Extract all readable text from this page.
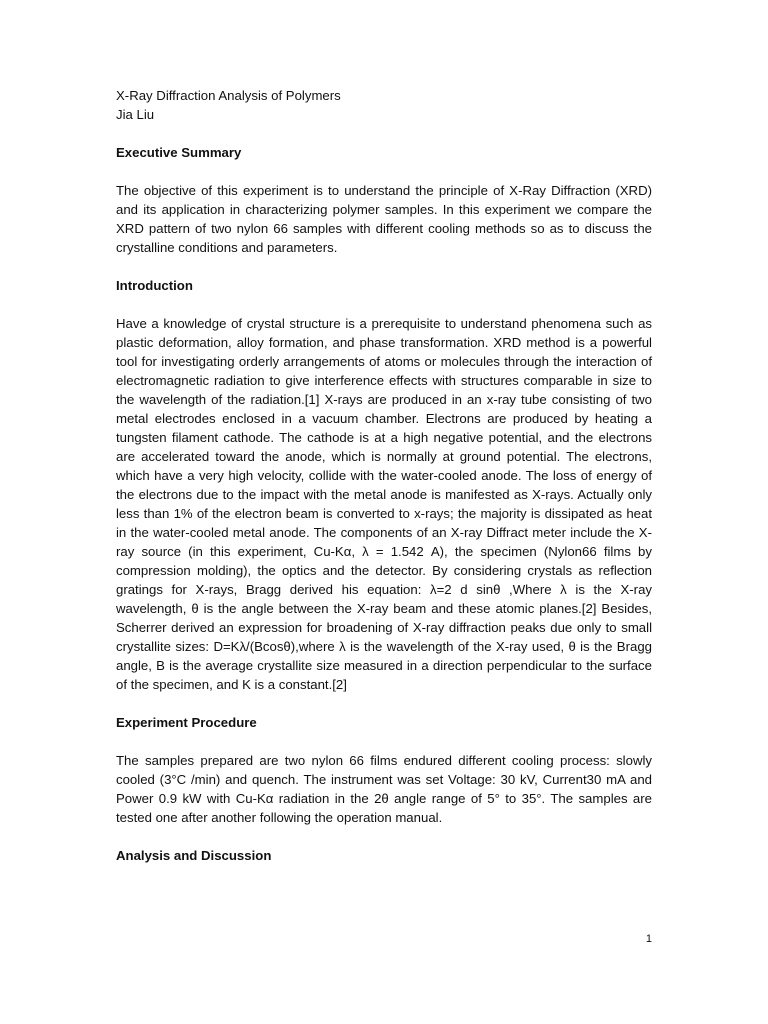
X-Ray Diffraction Analysis of Polymers
Jia Liu
Executive Summary

The objective of this experiment is to understand the principle of X-Ray Diffraction (XRD) and its application in characterizing polymer samples. In this experiment we compare the XRD pattern of two nylon 66 samples with different cooling methods so as to discuss the crystalline conditions and parameters.

Introduction

Have a knowledge of crystal structure is a prerequisite to understand phenomena such as plastic deformation, alloy formation, and phase transformation. XRD method is a powerful tool for investigating orderly arrangements of atoms or molecules through the interaction of electromagnetic radiation to give interference effects with structures comparable in size to the wavelength of the radiation.[1] X-rays are produced in an x-ray tube consisting of two metal electrodes enclosed in a vacuum chamber. Electrons are produced by heating a tungsten filament cathode. The cathode is at a high negative potential, and the electrons are accelerated toward the anode, which is normally at ground potential. The electrons, which have a very high velocity, collide with the water-cooled anode. The loss of energy of the electrons due to the impact with the metal anode is manifested as X-rays. Actually only less than 1% of the electron beam is converted to x-rays; the majority is dissipated as heat in the water-cooled metal anode. The components of an X-ray Diffract meter include the X-ray source (in this experiment, Cu-Kα, λ = 1.542 A), the specimen (Nylon66 films by compression molding), the optics and the detector. By considering crystals as reflection gratings for X-rays, Bragg derived his equation: λ=2 d sinθ ,Where λ is the X-ray wavelength, θ is the angle between the X-ray beam and these atomic planes.[2] Besides, Scherrer derived an expression for broadening of X-ray diffraction peaks due only to small crystallite sizes: D=Kλ/(Bcosθ),where λ is the wavelength of the X-ray used, θ is the Bragg angle, B is the average crystallite size measured in a direction perpendicular to the surface of the specimen, and K is a constant.[2]

Experiment Procedure

The samples prepared are two nylon 66 films endured different cooling process: slowly cooled (3°C /min) and quench. The instrument was set Voltage: 30 kV, Current30 mA and Power 0.9 kW with Cu-Kα radiation in the 2θ angle range of 5° to 35°. The samples are tested one after another following the operation manual.

Analysis and Discussion
1
